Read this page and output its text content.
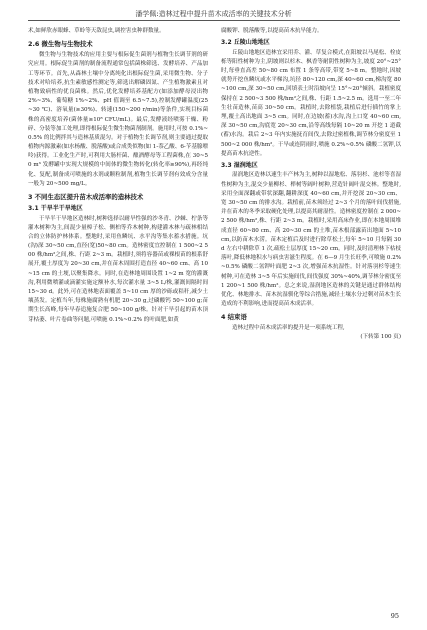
潘学佩:造林过程中提升苗木成活率的关键技术分析

术,如鲜欣赤眼蜂、草蛉等天敌昆虫,调控害虫种群数量。

2.6 微生物与生物技术

微生物与生物技术的应用主要与根际促生菌剂与植物生长调节剂的研究应用。根际促生菌剂的制备流程通常包括菌株筛选、发酵培养、产品加工等环节。首先,从森林土壤中分离纯化出根际促生菌,采用微生物、分子技术对哈培养,抗生素敏感性测定等,筛选出解磷固氮、产生植物激素且对植物致病性的优良菌株。然后,优化发酵培养基配方(如添加酵母浸出物 2%~3%、葡萄糖 1%~2%、pH 值调至 6.5~7.5),控制发酵罐温度(25~30 ℃)、溶氧量(≥30%)、转速(150~200 r/min)等条件,实现目标菌株的高密度培养(菌体量≥10⁸ CFU/mL)。最后,发酵液经喷雾干燥、粉碎、分装等加工处理,即得根际促生微生物菌剂制剂。施用时,可按 0.1%~0.5% 的比例拌其与造林基质混匀。对于植物生长调节剂,则主要通过提取植物内源激素(如水杨酸、脱落酸)或合成类似物(如 1-萘乙酸、6-苄基腺嘌呤)获得。工业化生产时,可利用大肠杆菌、酿酒酵母等工程菌株,在 30~50 m³ 发酵罐中实现大规模的中间体的微生物转化(转化率≥90%),再经纯化、复配,制备成可喷施的水剂或颗粒制剂,植物生长调节剂有效成分含量一般为 20~500 mg/L。

3 不同生态区提升苗木成活率的造林技术
3.1 干旱半干旱地区

干旱半干旱地区造林时,树种选择以耐旱性强的沙冬青、沙棘、柠条等灌木树种为主,间混少量樟子松、侧柏等乔木树种,构建灌木林与疏林相结合的立体防护林体系。整地时,采用鱼鳞坑、水平沟等集水蓄水措施。坑(沟)深 30~50 cm,直径(宽)50~80 cm。造林密度宜控制在 1 500~2 500 株/hm²之间,株、行距 2~3 m。栽植时,须将容器苗或裸根苗的根系舒展开,覆土厚度为 20~30 cm,并在苗木周围打造直径 40~60 cm、高 10~15 cm 的土埂,以聚集降水。同时,在造林地周围设置 1~2 m 宽的灌溉沟,利用微喷灌或滴灌实施定额补水,每次灌水量 3~5 L/株,灌溉间隔时间 15~30 d。此外,可在造林地表面覆盖 5~10 cm 厚的沙砾或秸秆,减少土壤蒸发。定植当年,每株施腐熟有机肥 20~30 g,过磷酸钙 50~100 g;苗期生长高峰,每年早春追施复合肥 50~100 g/株。针对干旱引起的苗木顶芽枯萎、叶片卷曲等问题,可喷施 0.1%~0.2% 的叶面肥,如黄

腐酸钾、脱落酸等,以提高苗木抗旱能力。

3.2 丘陵山地地区

丘陵山地地区造林宜采用乔、灌、草复合模式,在阳坡以马尾松、栓皮栎等阳性树种为主,阴坡则以杉木、枫香等耐阴性树种为主,坡度 20°~25°时,每垂直高差 50~80 cm 布置 1 条等高带,带宽 5~8 m。整地时,因坡就势开挖鱼鳞坑或水平梯沟,坑径 80~120 cm,深 40~60 cm,梯沟宽 80~100 cm,深 30~50 cm,回填表土时沿坡向呈 15°~20°倾斜。栽植密度保持在 2 500~3 500 株/hm²之间,株、行距 1.5~2.5 m。选用一至二年生壮苗造林,苗高 30~50 cm。栽植时,去除植袋,栽植后进行插竹的掌上埋,覆土高出地面 3~5 cm。同时,在边坡(蓄)水沟,沟上口宽 40~60 cm,深 30~50 cm,沟底宽 20~30 cm,沿等高线每隔 10~20 m 开挖 1 道截(蓄)水沟。栽后 2~3 年内实施抚育间伐,去除过密植株,调节林分密度至 1 500~2 000 株/hm²。干旱或连阴雨时,喷施 0.2%~0.5% 磷酸二氢钾,以提高苗木抗逆性。

3.3 湿润地区

湿润地区造林以速生丰产林为主,树种以湿地松、落羽杉、池杉等喜湿性树种为主,混交少量柳杉、榉树等阔叶树种,营造针阔叶混交林。整地时,采用全面深翻或带状深翻,翻耕深度 40~60 cm,并开挖深 20~30 cm、宽 30~50 cm 的排水沟。栽植前,苗木须经过 2~3 个月的落叶间伐措施,并在苗木的冬季采取硬化处理,以提高其耐湿性。造林密度控制在 2 000~2 500 株/hm²,株、行距 2~3 m。栽植时,采用高床作业,即在本地周围堆成直径 60~80 cm、高 20~30 cm 的土堆,苗木根部露苗出地面 5~10 cm,以防苗木水涝。苗木定植后及时进行除草松土,每年 5~10 月每隔 30 d 左右中耕除草 1 次,疏松土层厚度 15~20 cm。同时,及时清理林下枯枝落叶,降低林地积水与病虫害滋生程度。在 6—9 月生长旺季,可喷施 0.2%~0.5% 磷酸二氢钾叶面肥 2~3 次,增强苗木抗湿性。针对落羽杉等速生树种,可在造林 3~5 年后实施间伐,间伐强度 30%~40%,调节林分密度至 1 200~1 500 株/hm²。总之来说,湿润地区造林的关键是通过群体结构优化、林地排水、苗木抗湿驯化等综合措施,减轻土壤水分过剩对苗木生长造成的不利影响,进而提高苗木成活率。

4 结束语

造林过程中苗木成活率的提升是一项系统工程,

(下转第 100 页)

95
